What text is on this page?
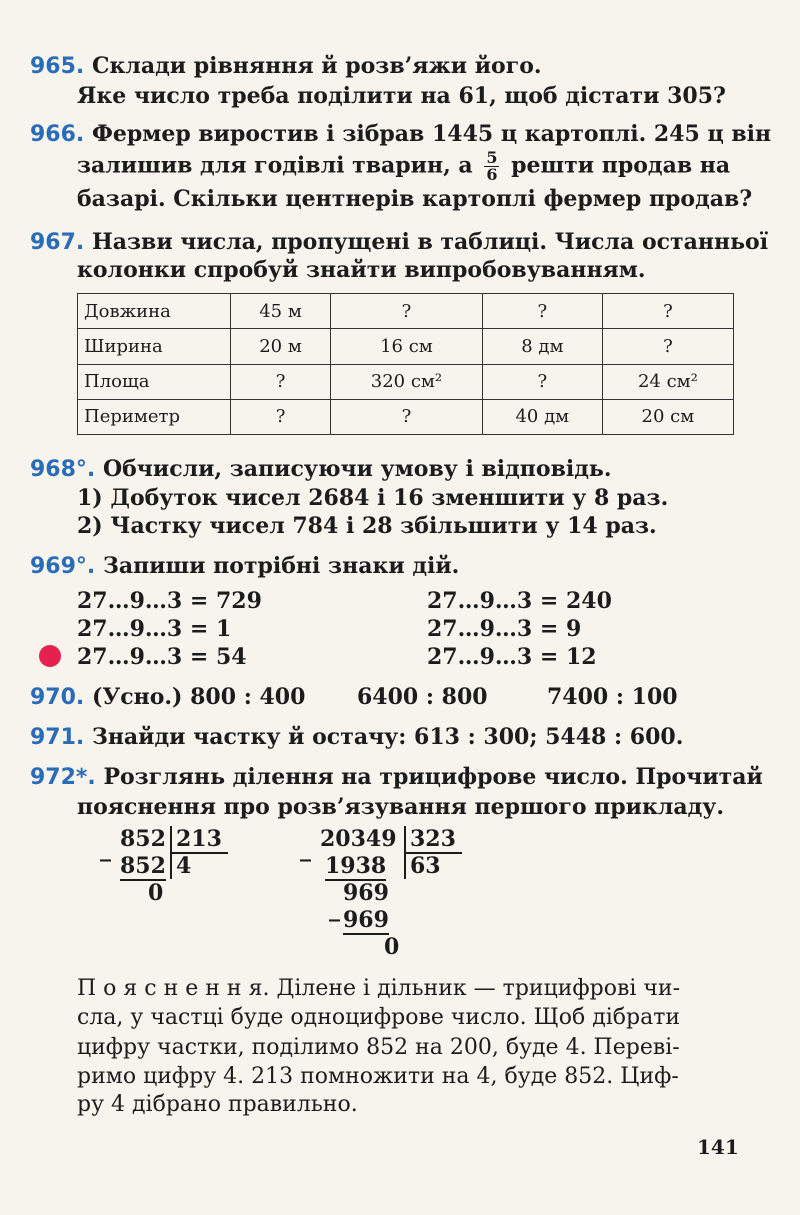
965. Склади рівняння й розв’яжи його.
Яке число треба поділити на 61, щоб дістати 305?
966. Фермер виростив і зібрав 1445 ц картоплі. 245 ц він
залишив для годівлі тварин, а $\frac{5}{6}$ решти продав на
базарі. Скільки центнерів картоплі фермер продав?
967. Назви числа, пропущені в таблиці. Числа останньої
колонки спробуй знайти випробовуванням.
Довжина	45 м	?	?	?
Ширина	20 м	16 см	8 дм	?
Площа	?	320 см²	?	24 см²
Периметр	?	?	40 дм	20 см
968°. Обчисли, записуючи умову і відповідь.
1) Добуток чисел 2684 і 16 зменшити у 8 раз.
2) Частку чисел 784 і 28 збільшити у 14 раз.
969°. Запиши потрібні знаки дій.
27…9…3 = 729
27…9…3 = 1
27…9…3 = 54
27…9…3 = 240
27…9…3 = 9
27…9…3 = 12
970. (Усно.) 800 : 400 6400 : 800	7400 : 100
971. Знайди частку й остачу: 613 : 300; 5448 : 600.
972*. Розглянь ділення на трицифрове число. Прочитай
пояснення про розв’язування першого прикладу.
_ 852 213
852 4
0
_ 20349 323
1938 63
969
_ 969
0
П о я с н е н н я. Ділене і дільник — трицифрові чи-
сла, у частці буде одноцифрове число. Щоб дібрати
цифру частки, поділимо 852 на 200, буде 4. Переві-
римо цифру 4. 213 помножити на 4, буде 852. Циф-
ру 4 дібрано правильно.
141
